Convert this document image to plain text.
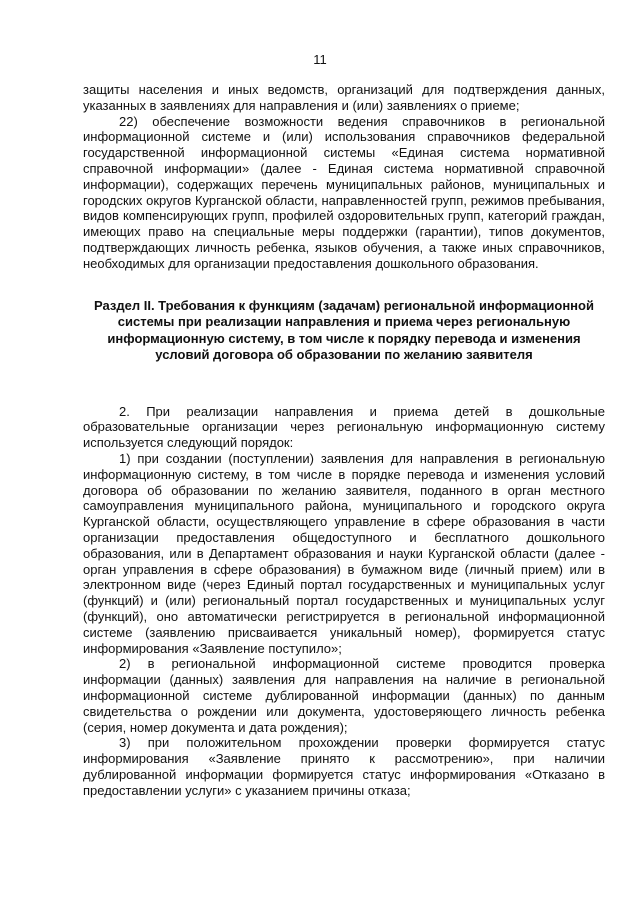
11

защиты населения и иных ведомств, организаций для подтверждения данных, указанных в заявлениях для направления и (или) заявлениях о приеме;

22) обеспечение возможности ведения справочников в региональной информационной системе и (или) использования справочников федеральной государственной информационной системы «Единая система нормативной справочной информации» (далее - Единая система нормативной справочной информации), содержащих перечень муниципальных районов, муниципальных и городских округов Курганской области, направленностей групп, режимов пребывания, видов компенсирующих групп, профилей оздоровительных групп, категорий граждан, имеющих право на специальные меры поддержки (гарантии), типов документов, подтверждающих личность ребенка, языков обучения, а также иных справочников, необходимых для организации предоставления дошкольного образования.

Раздел II. Требования к функциям (задачам) региональной информационной системы при реализации направления и приема через региональную информационную систему, в том числе к порядку перевода и изменения условий договора об образовании по желанию заявителя

2. При реализации направления и приема детей в дошкольные образовательные организации через региональную информационную систему используется следующий порядок:

1) при создании (поступлении) заявления для направления в региональную информационную систему, в том числе в порядке перевода и изменения условий договора об образовании по желанию заявителя, поданного в орган местного самоуправления муниципального района, муниципального и городского округа Курганской области, осуществляющего управление в сфере образования в части организации предоставления общедоступного и бесплатного дошкольного образования, или в Департамент образования и науки Курганской области (далее - орган управления в сфере образования) в бумажном виде (личный прием) или в электронном виде (через Единый портал государственных и муниципальных услуг (функций) и (или) региональный портал государственных и муниципальных услуг (функций), оно автоматически регистрируется в региональной информационной системе (заявлению присваивается уникальный номер), формируется статус информирования «Заявление поступило»;

2) в региональной информационной системе проводится проверка информации (данных) заявления для направления на наличие в региональной информационной системе дублированной информации (данных) по данным свидетельства о рождении или документа, удостоверяющего личность ребенка (серия, номер документа и дата рождения);

3) при положительном прохождении проверки формируется статус информирования «Заявление принято к рассмотрению», при наличии дублированной информации формируется статус информирования «Отказано в предоставлении услуги» с указанием причины отказа;
